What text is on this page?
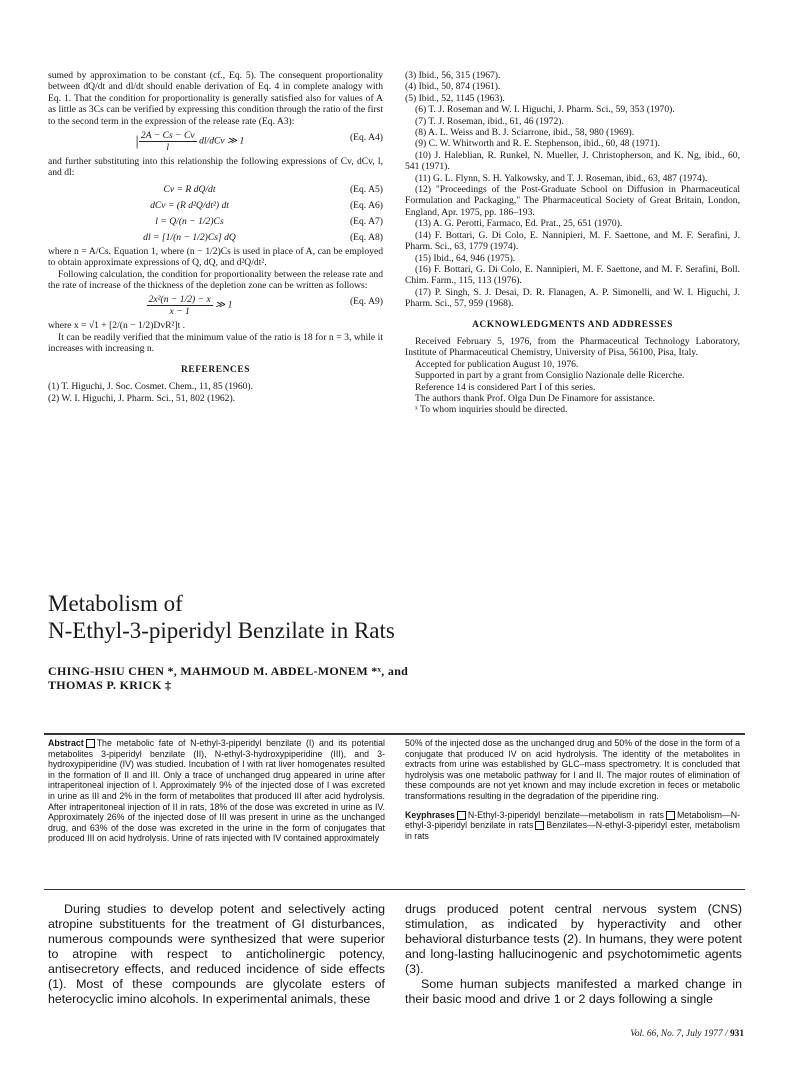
sumed by approximation to be constant (cf., Eq. 5). The consequent proportionality between dQ/dt and dl/dt should enable derivation of Eq. 4 in complete analogy with Eq. 1. That the condition for proportionality is generally satisfied also for values of A as little as 3Cs can be verified by expressing this condition through the ratio of the first to the second term in the expression of the release rate (Eq. A3):

| $\frac{2A - Cs - Cv}{l} dl/dCv$ ≫ 1	(Eq. A4)

and further substituting into this relationship the following expressions of Cv, dCv, l, and dl:

Cv = R dQ/dt	(Eq. A5)
dCv = (R d²Q/dt²) dt	(Eq. A6)
l = Q/(n − 1/2)Cs	(Eq. A7)
dl = [1/(n − 1/2)Cs] dQ	(Eq. A8)

where n = A/Cs. Equation 1, where (n − 1/2)Cs is used in place of A, can be employed to obtain approximate expressions of Q, dQ, and d²Q/dt².

Following calculation, the condition for proportionality between the release rate and the rate of increase of the thickness of the depletion zone can be written as follows:

$\frac{\text{2x²(n − 1/2) − x}}{x - 1}$ ≫ 1	(Eq. A9)

where x = √1 + [2/(n − 1/2)DvR²]t .

It can be readily verified that the minimum value of the ratio is 18 for n = 3, while it increases with increasing n.

REFERENCES

(1) T. Higuchi, J. Soc. Cosmet. Chem., 11, 85 (1960).

(2) W. I. Higuchi, J. Pharm. Sci., 51, 802 (1962).

(3) Ibid., 56, 315 (1967).

(4) Ibid., 50, 874 (1961).

(5) Ibid., 52, 1145 (1963).

(6) T. J. Roseman and W. I. Higuchi, J. Pharm. Sci., 59, 353 (1970).

(7) T. J. Roseman, ibid., 61, 46 (1972).

(8) A. L. Weiss and B. J. Sciarrone, ibid., 58, 980 (1969).

(9) C. W. Whitworth and R. E. Stephenson, ibid., 60, 48 (1971).

(10) J. Haleblian, R. Runkel, N. Mueller, J. Christopherson, and K. Ng, ibid., 60, 541 (1971).

(11) G. L. Flynn, S. H. Yalkowsky, and T. J. Roseman, ibid., 63, 487 (1974).

(12) "Proceedings of the Post-Graduate School on Diffusion in Pharmaceutical Formulation and Packaging," The Pharmaceutical Society of Great Britain, London, England, Apr. 1975, pp. 186–193.

(13) A. G. Perotti, Farmaco, Ed. Prat., 25, 651 (1970).

(14) F. Bottari, G. Di Colo, E. Nannipieri, M. F. Saettone, and M. F. Serafini, J. Pharm. Sci., 63, 1779 (1974).

(15) Ibid., 64, 946 (1975).

(16) F. Bottari, G. Di Colo, E. Nannipieri, M. F. Saettone, and M. F. Serafini, Boll. Chim. Farm., 115, 113 (1976).

(17) P. Singh, S. J. Desai, D. R. Flanagen, A. P. Simonelli, and W. I. Higuchi, J. Pharm. Sci., 57, 959 (1968).

ACKNOWLEDGMENTS AND ADDRESSES

Received February 5, 1976, from the Pharmaceutical Technology Laboratory, Institute of Pharmaceutical Chemistry, University of Pisa, 56100, Pisa, Italy.

Accepted for publication August 10, 1976.

Supported in part by a grant from Consiglio Nazionale delle Ricerche.

Reference 14 is considered Part I of this series.

The authors thank Prof. Olga Dun De Finamore for assistance.

ˣ To whom inquiries should be directed.

Metabolism of
N-Ethyl-3-piperidyl Benzilate in Rats
CHING-HSIU CHEN *, MAHMOUD M. ABDEL-MONEM *ˣ, and
THOMAS P. KRICK ‡

Abstract The metabolic fate of N-ethyl-3-piperidyl benzilate (I) and its potential metabolites 3-piperidyl benzilate (II), N-ethyl-3-hydroxypiperidine (III), and 3-hydroxypiperidine (IV) was studied. Incubation of I with rat liver homogenates resulted in the formation of II and III. Only a trace of unchanged drug appeared in urine after intraperitoneal injection of I. Approximately 9% of the injected dose of I was excreted in urine as III and 2% in the form of metabolites that produced III after acid hydrolysis. After intraperitoneal injection of II in rats, 18% of the dose was excreted in urine as IV. Approximately 26% of the injected dose of III was present in urine as the unchanged drug, and 63% of the dose was excreted in the urine in the form of conjugates that produced III on acid hydrolysis. Urine of rats injected with IV contained approximately

50% of the injected dose as the unchanged drug and 50% of the dose in the form of a conjugate that produced IV on acid hydrolysis. The identity of the metabolites in extracts from urine was established by GLC–mass spectrometry. It is concluded that hydrolysis was one metabolic pathway for I and II. The major routes of elimination of these compounds are not yet known and may include excretion in feces or metabolic transformations resulting in the degradation of the piperidine ring.

Keyphrases N-Ethyl-3-piperidyl benzilate—metabolism in rats Metabolism—N-ethyl-3-piperidyl benzilate in rats Benzilates—N-ethyl-3-piperidyl ester, metabolism in rats

During studies to develop potent and selectively acting atropine substituents for the treatment of GI disturbances, numerous compounds were synthesized that were superior to atropine with respect to anticholinergic potency, antisecretory effects, and reduced incidence of side effects (1). Most of these compounds are glycolate esters of heterocyclic imino alcohols. In experimental animals, these

drugs produced potent central nervous system (CNS) stimulation, as indicated by hyperactivity and other behavioral disturbance tests (2). In humans, they were potent and long-lasting hallucinogenic and psychotomimetic agents (3).

Some human subjects manifested a marked change in their basic mood and drive 1 or 2 days following a single

Vol. 66, No. 7, July 1977 / 931
